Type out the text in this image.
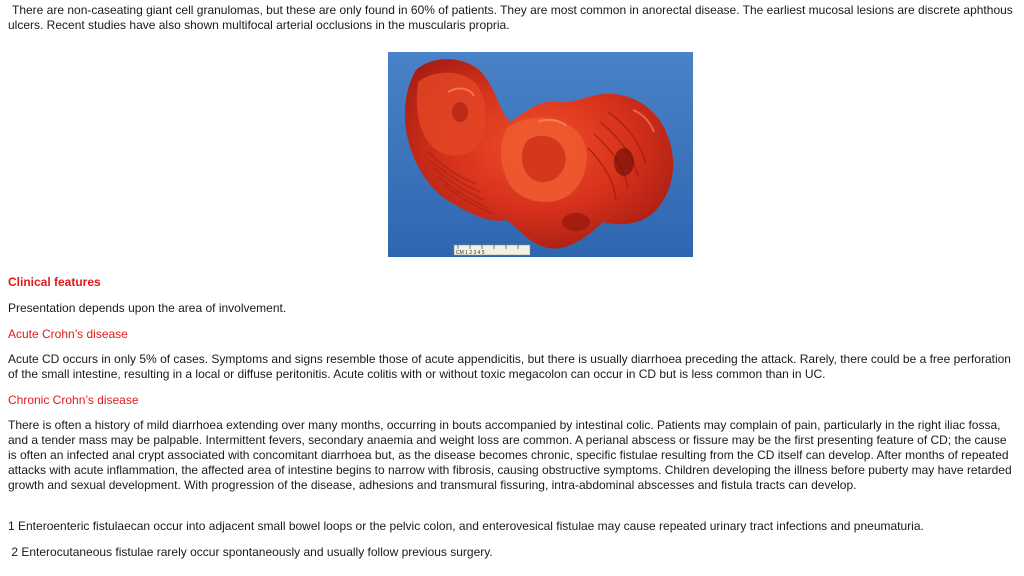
There are non-caseating giant cell granulomas, but these are only found in 60% of patients. They are most common in anorectal disease. The earliest mucosal lesions are discrete aphthous ulcers. Recent studies have also shown multifocal arterial occlusions in the muscularis propria.

CM 1 2 3 4 5

Clinical features

Presentation depends upon the area of involvement.

Acute Crohn’s disease

Acute CD occurs in only 5% of cases. Symptoms and signs resemble those of acute appendicitis, but there is usually diarrhoea preceding the attack. Rarely, there could be a free perforation of the small intestine, resulting in a local or diffuse peritonitis. Acute colitis with or without toxic megacolon can occur in CD but is less common than in UC.

Chronic Crohn’s disease

There is often a history of mild diarrhoea extending over many months, occurring in bouts accompanied by intestinal colic. Patients may complain of pain, particularly in the right iliac fossa, and a tender mass may be palpable. Intermittent fevers, secondary anaemia and weight loss are common. A perianal abscess or fissure may be the first presenting feature of CD; the cause is often an infected anal crypt associated with concomitant diarrhoea but, as the disease becomes chronic, specific fistulae resulting from the CD itself can develop. After months of repeated attacks with acute inflammation, the affected area of intestine begins to narrow with fibrosis, causing obstructive symptoms. Children developing the illness before puberty may have retarded growth and sexual development. With progression of the disease, adhesions and transmural fissuring, intra-abdominal abscesses and fistula tracts can develop.

1 Enteroenteric fistulaecan occur into adjacent small bowel loops or the pelvic colon, and enterovesical fistulae may cause repeated urinary tract infections and pneumaturia.

2 Enterocutaneous fistulae rarely occur spontaneously and usually follow previous surgery.
